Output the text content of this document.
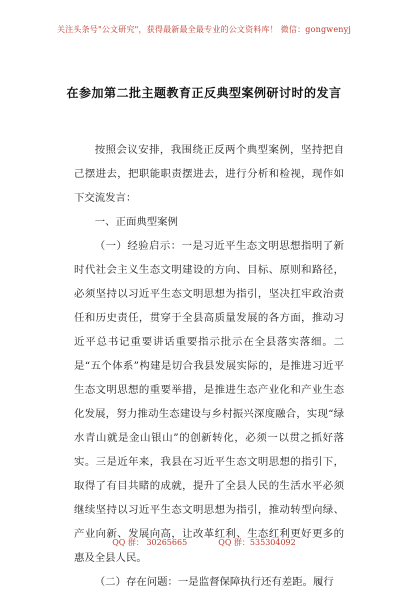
关注头条号"公文研究"，获得最新最全最专业的公文资料库！ 微信：gongwenyj
在参加第二批主题教育正反典型案例研讨时的发言

按照会议安排，我围绕正反两个典型案例，坚持把自己摆进去，把职能职责摆进去，进行分析和检视，现作如下交流发言：

一、正面典型案例

（一）经验启示：一是习近平生态文明思想指明了新时代社会主义生态文明建设的方向、目标、原则和路径，必须坚持以习近平生态文明思想为指引，坚决扛牢政治责任和历史责任，贯穿于全县高质量发展的各方面，推动习近平总书记重要讲话重要指示批示在全县落实落细。二是“五个体系”构建是切合我县发展实际的，是推进习近平生态文明思想的重要举措，是推进生态产业化和产业生态化发展，努力推动生态建设与乡村振兴深度融合，实现“绿水青山就是金山银山”的创新转化，必须一以贯之抓好落实。三是近年来，我县在习近平生态文明思想的指引下，取得了有目共睹的成就，提升了全县人民的生活水平必须继续坚持以习近平生态文明思想为指引，推动转型向绿、产业向新、发展向高，让改革红利、生态红利更好更多的惠及全县人民。

（二）存在问题：一是监督保障执行还有差距。履行

QQ 群： 30265665	QQ 群：535304092
